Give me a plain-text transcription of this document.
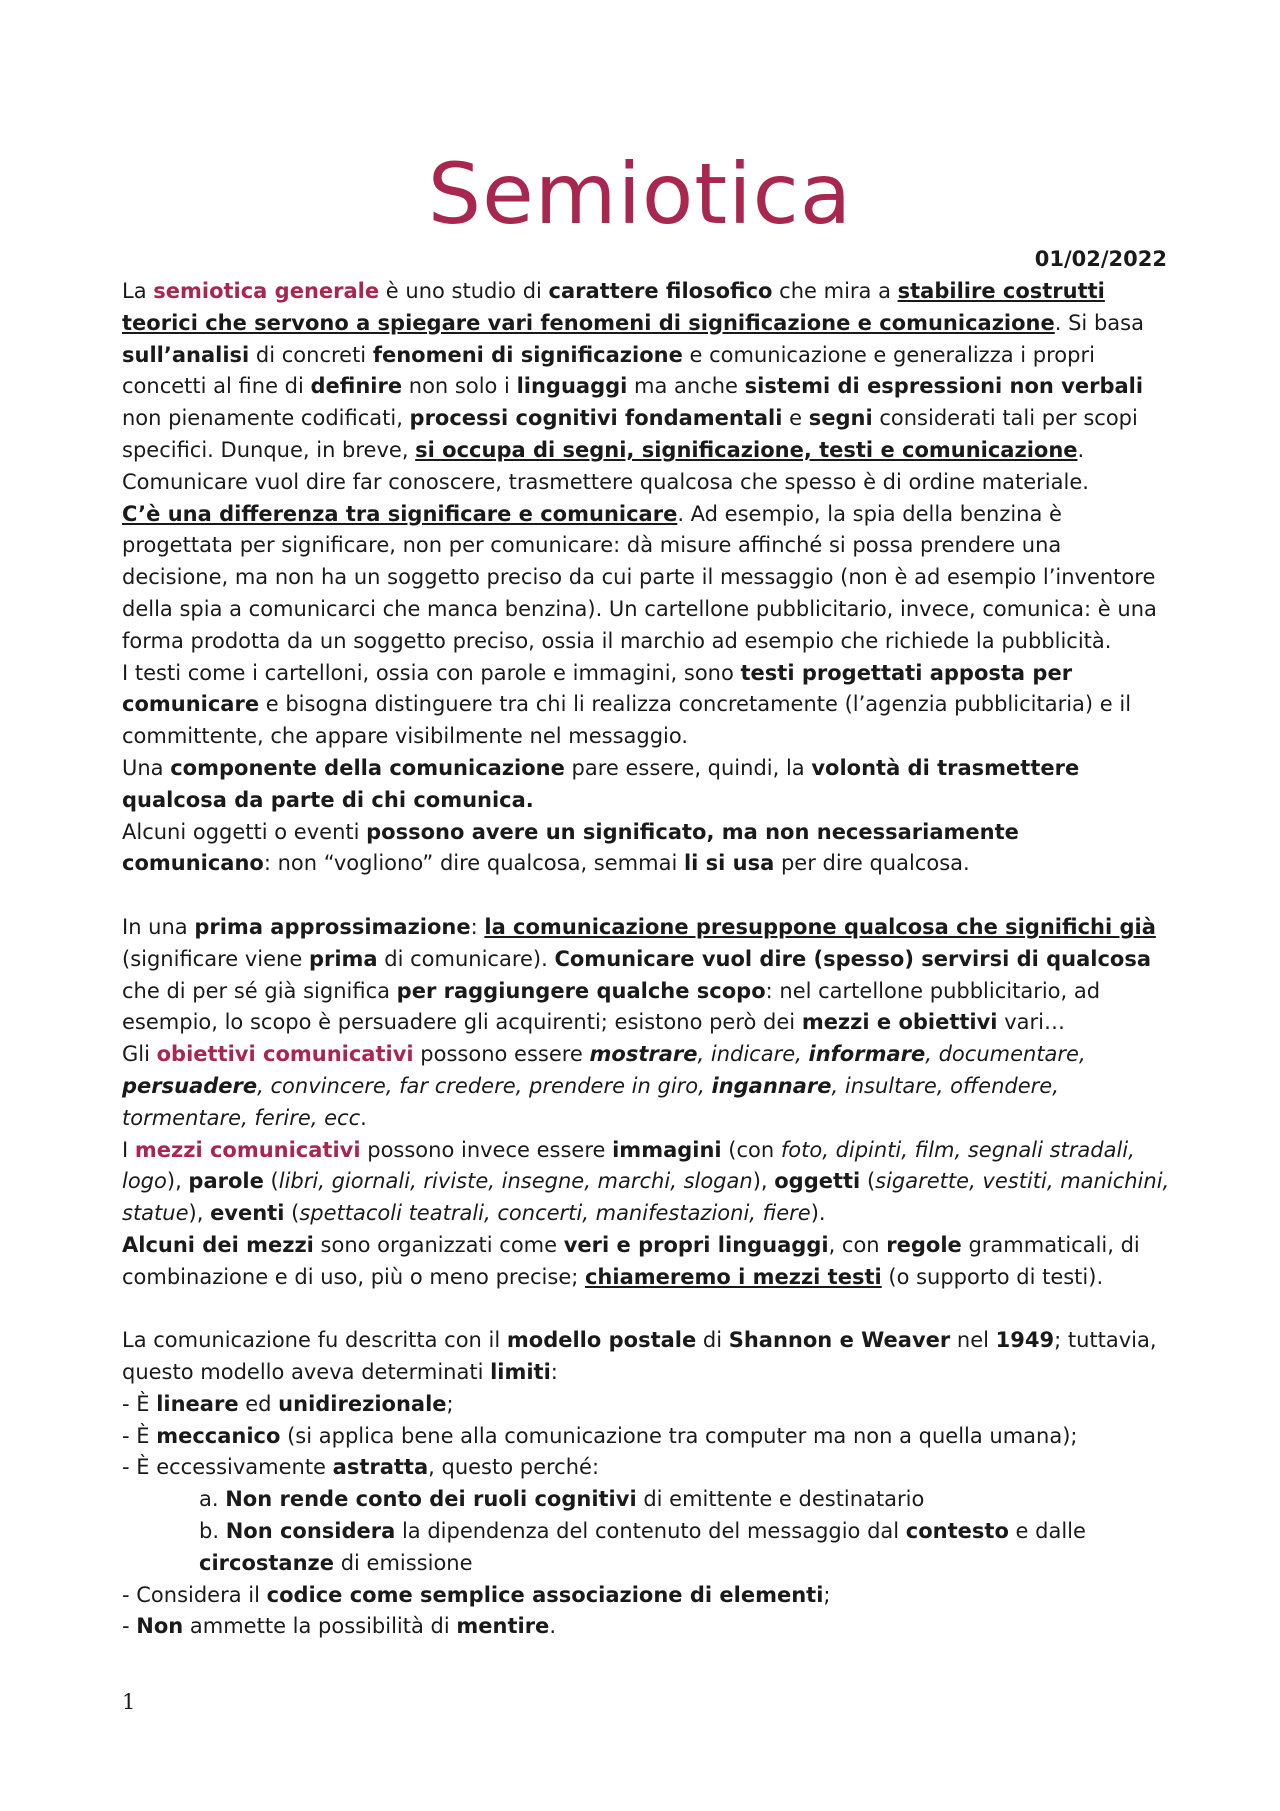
Semiotica
01/02/2022

La semiotica generale è uno studio di carattere filosofico che mira a stabilire costrutti teorici che servono a spiegare vari fenomeni di significazione e comunicazione. Si basa sull’analisi di concreti fenomeni di significazione e comunicazione e generalizza i propri concetti al fine di definire non solo i linguaggi ma anche sistemi di espressioni non verbali non pienamente codificati, processi cognitivi fondamentali e segni considerati tali per scopi specifici. Dunque, in breve, si occupa di segni, significazione, testi e comunicazione.

Comunicare vuol dire far conoscere, trasmettere qualcosa che spesso è di ordine materiale.

C’è una differenza tra significare e comunicare. Ad esempio, la spia della benzina è progettata per significare, non per comunicare: dà misure affinché si possa prendere una decisione, ma non ha un soggetto preciso da cui parte il messaggio (non è ad esempio l’inventore della spia a comunicarci che manca benzina). Un cartellone pubblicitario, invece, comunica: è una forma prodotta da un soggetto preciso, ossia il marchio ad esempio che richiede la pubblicità.

I testi come i cartelloni, ossia con parole e immagini, sono testi progettati apposta per comunicare e bisogna distinguere tra chi li realizza concretamente (l’agenzia pubblicitaria) e il committente, che appare visibilmente nel messaggio.

Una componente della comunicazione pare essere, quindi, la volontà di trasmettere qualcosa da parte di chi comunica.

Alcuni oggetti o eventi possono avere un significato, ma non necessariamente comunicano: non “vogliono” dire qualcosa, semmai li si usa per dire qualcosa.

In una prima approssimazione: la comunicazione presuppone qualcosa che significhi già (significare viene prima di comunicare). Comunicare vuol dire (spesso) servirsi di qualcosa che di per sé già significa per raggiungere qualche scopo: nel cartellone pubblicitario, ad esempio, lo scopo è persuadere gli acquirenti; esistono però dei mezzi e obiettivi vari…

Gli obiettivi comunicativi possono essere mostrare, indicare, informare, documentare, persuadere, convincere, far credere, prendere in giro, ingannare, insultare, offendere, tormentare, ferire, ecc.

I mezzi comunicativi possono invece essere immagini (con foto, dipinti, film, segnali stradali, logo), parole (libri, giornali, riviste, insegne, marchi, slogan), oggetti (sigarette, vestiti, manichini, statue), eventi (spettacoli teatrali, concerti, manifestazioni, fiere).

Alcuni dei mezzi sono organizzati come veri e propri linguaggi, con regole grammaticali, di combinazione e di uso, più o meno precise; chiameremo i mezzi testi (o supporto di testi).

La comunicazione fu descritta con il modello postale di Shannon e Weaver nel 1949; tuttavia, questo modello aveva determinati limiti:

- È lineare ed unidirezionale;

- È meccanico (si applica bene alla comunicazione tra computer ma non a quella umana);

- È eccessivamente astratta, questo perché:

a. Non rende conto dei ruoli cognitivi di emittente e destinatario

b. Non considera la dipendenza del contenuto del messaggio dal contesto e dalle circostanze di emissione

- Considera il codice come semplice associazione di elementi;

- Non ammette la possibilità di mentire.

1
